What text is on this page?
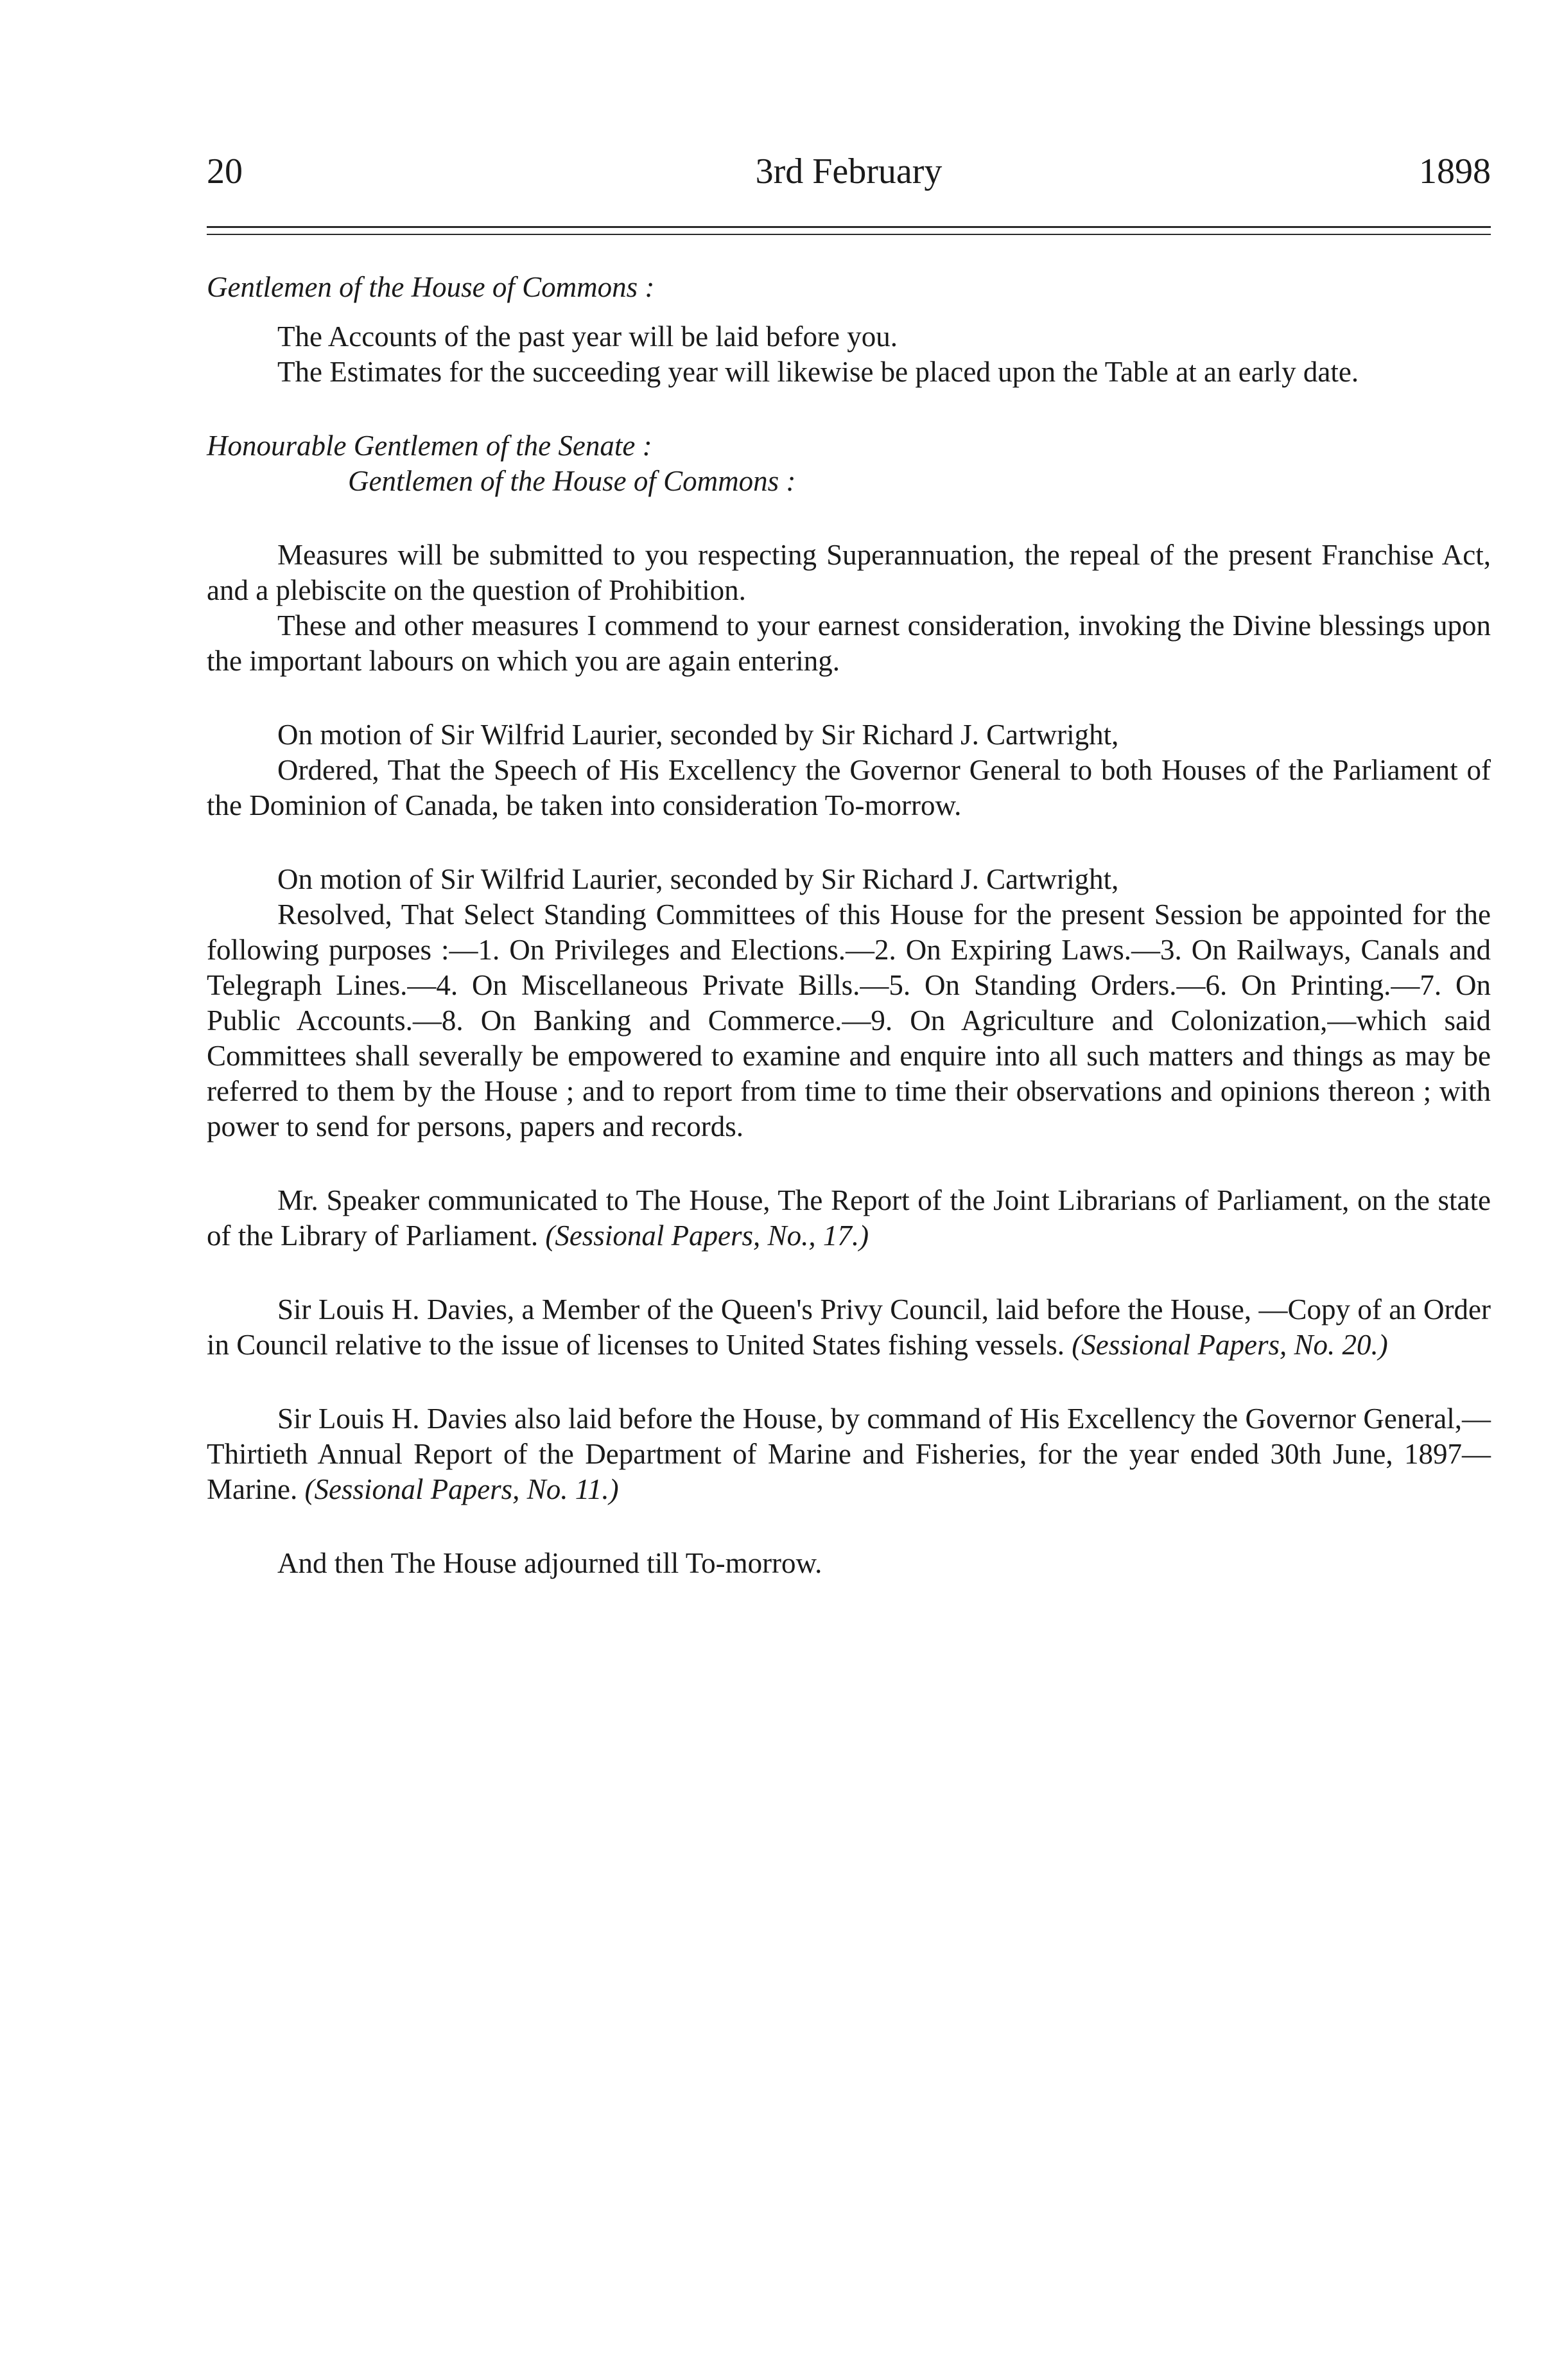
20	3rd February	1898

Gentlemen of the House of Commons :

The Accounts of the past year will be laid before you.

The Estimates for the succeeding year will likewise be placed upon the Table at an early date.

Honourable Gentlemen of the Senate :

Gentlemen of the House of Commons :

Measures will be submitted to you respecting Superannuation, the repeal of the present Franchise Act, and a plebiscite on the question of Prohibition.

These and other measures I commend to your earnest consideration, invoking the Divine blessings upon the important labours on which you are again entering.

On motion of Sir Wilfrid Laurier, seconded by Sir Richard J. Cartwright,

Ordered, That the Speech of His Excellency the Governor General to both Houses of the Parliament of the Dominion of Canada, be taken into consideration To-morrow.

On motion of Sir Wilfrid Laurier, seconded by Sir Richard J. Cartwright,

Resolved, That Select Standing Committees of this House for the present Session be appointed for the following purposes :—1. On Privileges and Elections.—2. On Expiring Laws.—3. On Railways, Canals and Telegraph Lines.—4. On Miscellaneous Private Bills.—5. On Standing Orders.—6. On Printing.—7. On Public Accounts.—8. On Banking and Commerce.—9. On Agriculture and Colonization,—which said Committees shall severally be empowered to examine and enquire into all such matters and things as may be referred to them by the House ; and to report from time to time their observations and opinions thereon ; with power to send for persons, papers and records.

Mr. Speaker communicated to The House, The Report of the Joint Librarians of Parliament, on the state of the Library of Parliament. (Sessional Papers, No., 17.)

Sir Louis H. Davies, a Member of the Queen's Privy Council, laid before the House, —Copy of an Order in Council relative to the issue of licenses to United States fishing vessels. (Sessional Papers, No. 20.)

Sir Louis H. Davies also laid before the House, by command of His Excellency the Governor General,—Thirtieth Annual Report of the Department of Marine and Fisheries, for the year ended 30th June, 1897—Marine. (Sessional Papers, No. 11.)

And then The House adjourned till To-morrow.
